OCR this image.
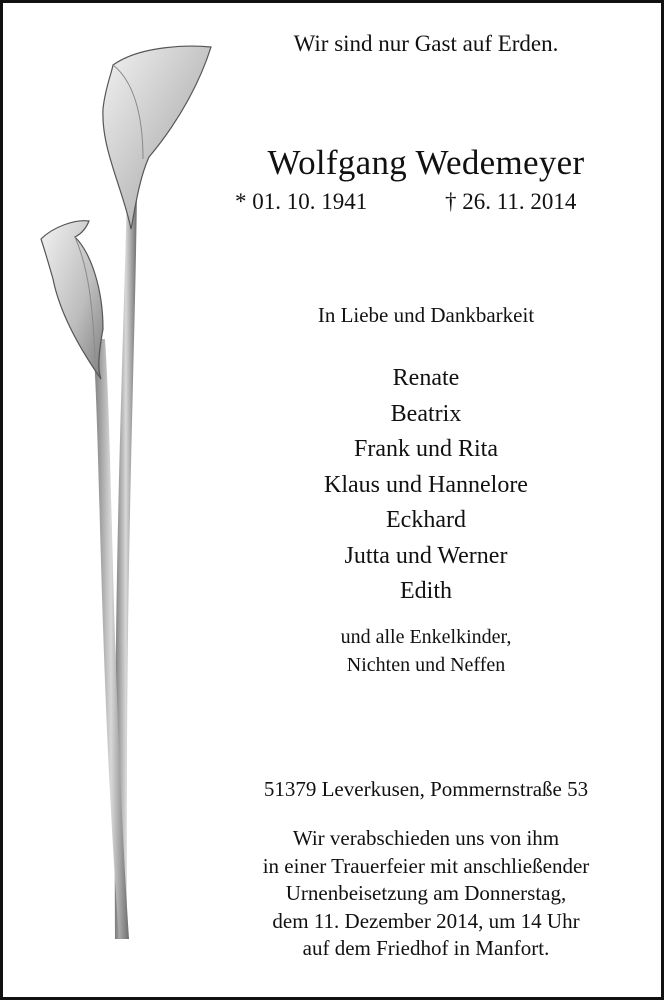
Wir sind nur Gast auf Erden.
Wolfgang Wedemeyer
* 01. 10. 1941	† 26. 11. 2014
In Liebe und Dankbarkeit
Renate
Beatrix
Frank und Rita
Klaus und Hannelore
Eckhard
Jutta und Werner
Edith
und alle Enkelkinder,
Nichten und Neffen
51379 Leverkusen, Pommernstraße 53
Wir verabschieden uns von ihm
in einer Trauerfeier mit anschließender
Urnenbeisetzung am Donnerstag,
dem 11. Dezember 2014, um 14 Uhr
auf dem Friedhof in Manfort.
